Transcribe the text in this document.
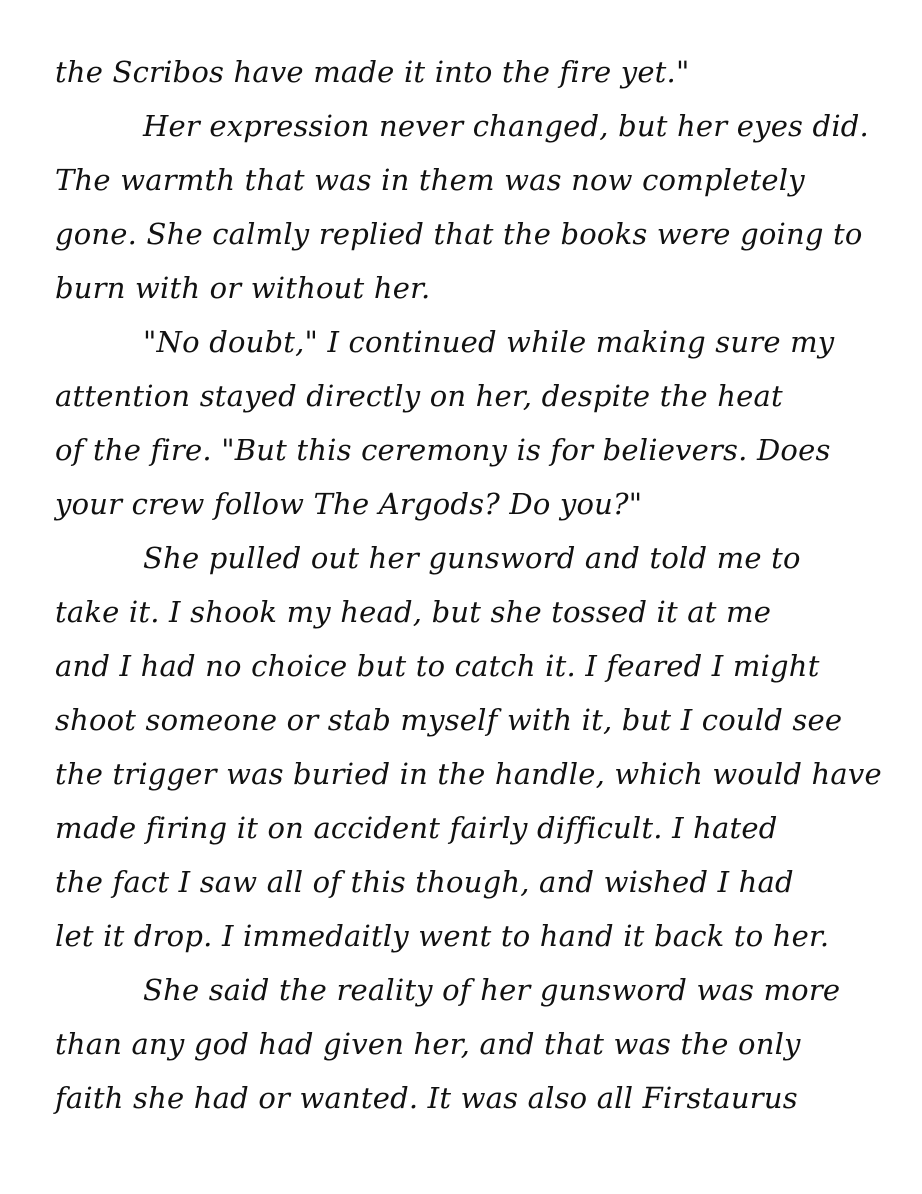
the Scribos have made it into the fire yet."
Her expression never changed, but her eyes did.
The warmth that was in them was now completely
gone. She calmly replied that the books were going to
burn with or without her.
"No doubt," I continued while making sure my
attention stayed directly on her, despite the heat
of the fire. "But this ceremony is for believers. Does
your crew follow The Argods? Do you?"
She pulled out her gunsword and told me to
take it. I shook my head, but she tossed it at me
and I had no choice but to catch it. I feared I might
shoot someone or stab myself with it, but I could see
the trigger was buried in the handle, which would have
made firing it on accident fairly difficult. I hated
the fact I saw all of this though, and wished I had
let it drop. I immedaitly went to hand it back to her.
She said the reality of her gunsword was more
than any god had given her, and that was the only
faith she had or wanted. It was also all Firstaurus
